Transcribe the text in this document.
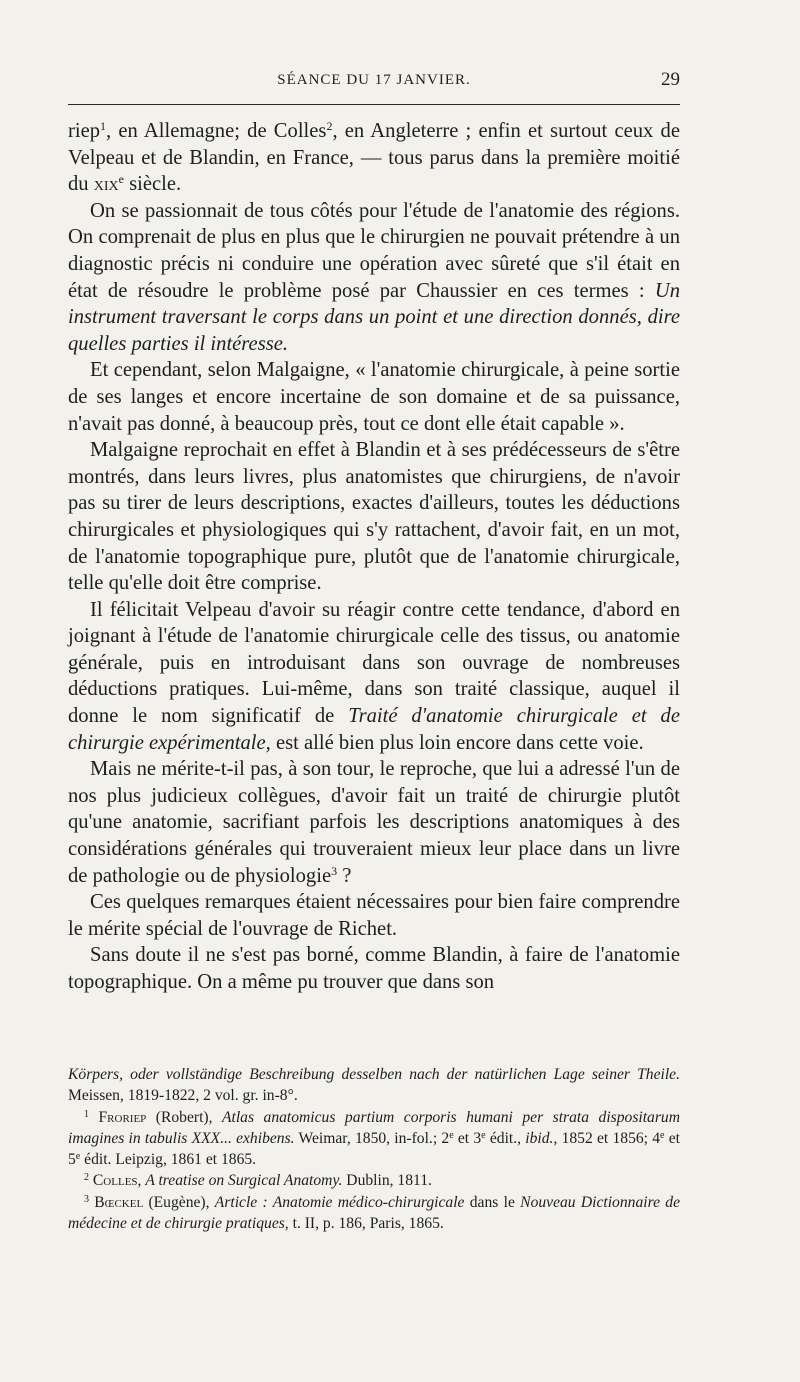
SÉANCE DU 17 JANVIER.	29

riep$^1$, en Allemagne; de Colles$^2$, en Angleterre ; enfin et surtout ceux de Velpeau et de Blandin, en France, — tous parus dans la première moitié du xix$^e$ siècle.

On se passionnait de tous côtés pour l'étude de l'anatomie des régions. On comprenait de plus en plus que le chirurgien ne pouvait prétendre à un diagnostic précis ni conduire une opération avec sûreté que s'il était en état de résoudre le problème posé par Chaussier en ces termes : Un instrument traversant le corps dans un point et une direction donnés, dire quelles parties il intéresse.

Et cependant, selon Malgaigne, « l'anatomie chirurgicale, à peine sortie de ses langes et encore incertaine de son domaine et de sa puissance, n'avait pas donné, à beaucoup près, tout ce dont elle était capable ».

Malgaigne reprochait en effet à Blandin et à ses prédécesseurs de s'être montrés, dans leurs livres, plus anatomistes que chirurgiens, de n'avoir pas su tirer de leurs descriptions, exactes d'ailleurs, toutes les déductions chirurgicales et physiologiques qui s'y rattachent, d'avoir fait, en un mot, de l'anatomie topographique pure, plutôt que de l'anatomie chirurgicale, telle qu'elle doit être comprise.

Il félicitait Velpeau d'avoir su réagir contre cette tendance, d'abord en joignant à l'étude de l'anatomie chirurgicale celle des tissus, ou anatomie générale, puis en introduisant dans son ouvrage de nombreuses déductions pratiques. Lui-même, dans son traité classique, auquel il donne le nom significatif de Traité d'anatomie chirurgicale et de chirurgie expérimentale, est allé bien plus loin encore dans cette voie.

Mais ne mérite-t-il pas, à son tour, le reproche, que lui a adressé l'un de nos plus judicieux collègues, d'avoir fait un traité de chirurgie plutôt qu'une anatomie, sacrifiant parfois les descriptions anatomiques à des considérations générales qui trouveraient mieux leur place dans un livre de pathologie ou de physiologie$^3$ ?

Ces quelques remarques étaient nécessaires pour bien faire comprendre le mérite spécial de l'ouvrage de Richet.

Sans doute il ne s'est pas borné, comme Blandin, à faire de l'anatomie topographique. On a même pu trouver que dans son

Körpers, oder vollständige Beschreibung desselben nach der natürlichen Lage seiner Theile. Meissen, 1819-1822, 2 vol. gr. in-8°.

$^1$ Froriep (Robert), Atlas anatomicus partium corporis humani per strata dispositarum imagines in tabulis XXX... exhibens. Weimar, 1850, in-fol.; 2e et 3e édit., ibid., 1852 et 1856; 4e et 5e édit. Leipzig, 1861 et 1865.

$^2$ Colles, A treatise on Surgical Anatomy. Dublin, 1811.

$^3$ Bœckel (Eugène), Article : Anatomie médico-chirurgicale dans le Nouveau Dictionnaire de médecine et de chirurgie pratiques, t. II, p. 186, Paris, 1865.
